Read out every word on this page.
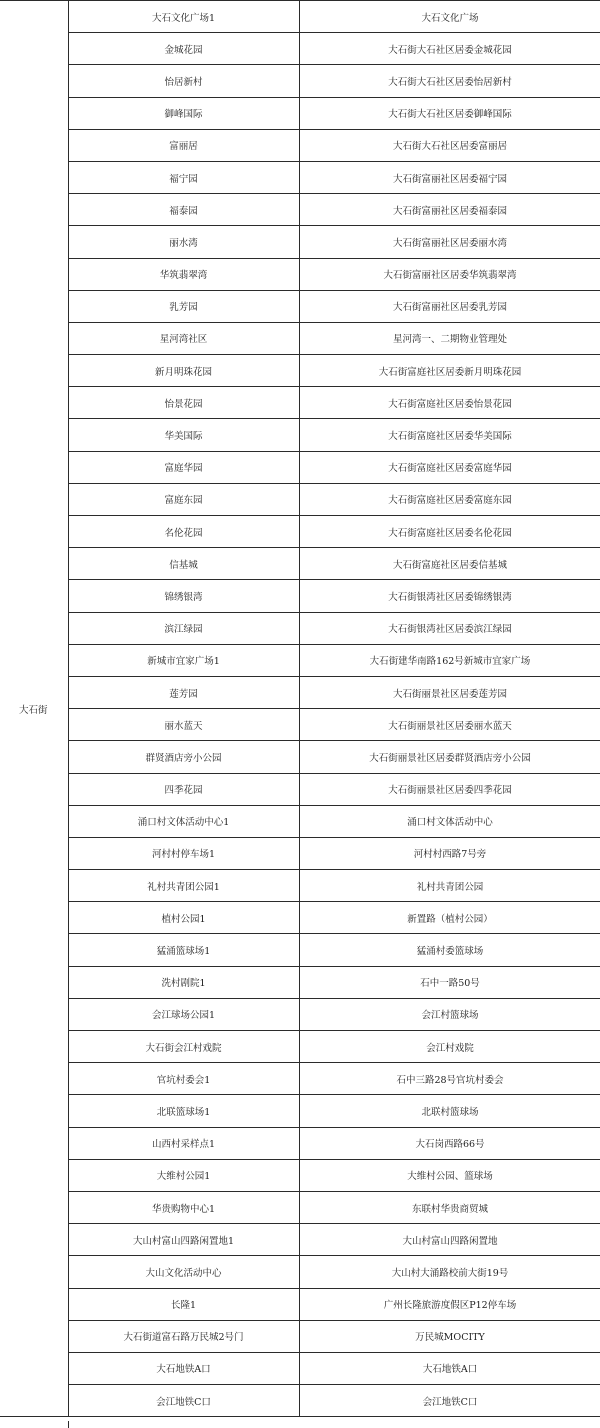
大石街	大石文化广场1	大石文化广场
	金城花园	大石街大石社区居委金城花园
	怡居新村	大石街大石社区居委怡居新村
	御峰国际	大石街大石社区居委御峰国际
	富丽居	大石街大石社区居委富丽居
	福宁园	大石街富丽社区居委福宁园
	福泰园	大石街富丽社区居委福泰园
	丽水湾	大石街富丽社区居委丽水湾
	华筑翡翠湾	大石街富丽社区居委华筑翡翠湾
	乳芳园	大石街富丽社区居委乳芳园
	星河湾社区	星河湾一、二期物业管理处
	新月明珠花园	大石街富庭社区居委新月明珠花园
	怡景花园	大石街富庭社区居委怡景花园
	华美国际	大石街富庭社区居委华美国际
	富庭华园	大石街富庭社区居委富庭华园
	富庭东园	大石街富庭社区居委富庭东园
	名伦花园	大石街富庭社区居委名伦花园
	信基城	大石街富庭社区居委信基城
	锦绣银湾	大石街银湾社区居委锦绣银湾
	滨江绿园	大石街银湾社区居委滨江绿园
	新城市宜家广场1	大石街建华南路162号新城市宜家广场
	莲芳园	大石街丽景社区居委莲芳园
	丽水蓝天	大石街丽景社区居委丽水蓝天
	群贤酒店旁小公园	大石街丽景社区居委群贤酒店旁小公园
	四季花园	大石街丽景社区居委四季花园
	涌口村文体活动中心1	涌口村文体活动中心
	河村村停车场1	河村村西路7号旁
	礼村共青团公园1	礼村共青团公园
	植村公园1	新置路（植村公园）
	猛涌篮球场1	猛涌村委篮球场
	洗村剧院1	石中一路50号
	会江球场公园1	会江村篮球场
	大石街会江村戏院	会江村戏院
	官坑村委会1	石中三路28号官坑村委会
	北联篮球场1	北联村篮球场
	山西村采样点1	大石岗西路66号
	大维村公园1	大维村公园、篮球场
	华贵购物中心1	东联村华贵商贸城
	大山村富山四路闲置地1	大山村富山四路闲置地
	大山文化活动中心	大山村大涌路校前大街19号
	长隆1	广州长隆旅游度假区P12停车场
	大石街道富石路万民城2号门	万民城MOCITY
	大石地铁A口	大石地铁A口
	会江地铁C口	会江地铁C口
